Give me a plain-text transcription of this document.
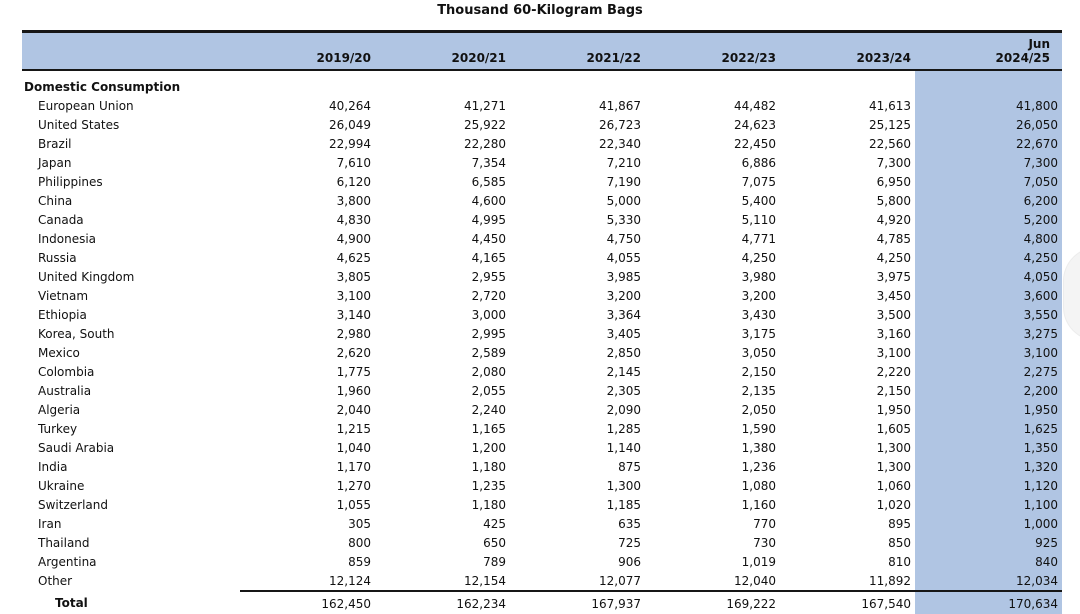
Thousand 60-Kilogram Bags
	2019/20	2020/21	2021/22	2022/23	2023/24	Jun
2024/25

Domestic Consumption						
European Union	40,264	41,271	41,867	44,482	41,613	41,800
United States	26,049	25,922	26,723	24,623	25,125	26,050
Brazil	22,994	22,280	22,340	22,450	22,560	22,670
Japan	7,610	7,354	7,210	6,886	7,300	7,300
Philippines	6,120	6,585	7,190	7,075	6,950	7,050
China	3,800	4,600	5,000	5,400	5,800	6,200
Canada	4,830	4,995	5,330	5,110	4,920	5,200
Indonesia	4,900	4,450	4,750	4,771	4,785	4,800
Russia	4,625	4,165	4,055	4,250	4,250	4,250
United Kingdom	3,805	2,955	3,985	3,980	3,975	4,050
Vietnam	3,100	2,720	3,200	3,200	3,450	3,600
Ethiopia	3,140	3,000	3,364	3,430	3,500	3,550
Korea, South	2,980	2,995	3,405	3,175	3,160	3,275
Mexico	2,620	2,589	2,850	3,050	3,100	3,100
Colombia	1,775	2,080	2,145	2,150	2,220	2,275
Australia	1,960	2,055	2,305	2,135	2,150	2,200
Algeria	2,040	2,240	2,090	2,050	1,950	1,950
Turkey	1,215	1,165	1,285	1,590	1,605	1,625
Saudi Arabia	1,040	1,200	1,140	1,380	1,300	1,350
India	1,170	1,180	875	1,236	1,300	1,320
Ukraine	1,270	1,235	1,300	1,080	1,060	1,120
Switzerland	1,055	1,180	1,185	1,160	1,020	1,100
Iran	305	425	635	770	895	1,000
Thailand	800	650	725	730	850	925
Argentina	859	789	906	1,019	810	840
Other	12,124	12,154	12,077	12,040	11,892	12,034
Total	162,450	162,234	167,937	169,222	167,540	170,634
